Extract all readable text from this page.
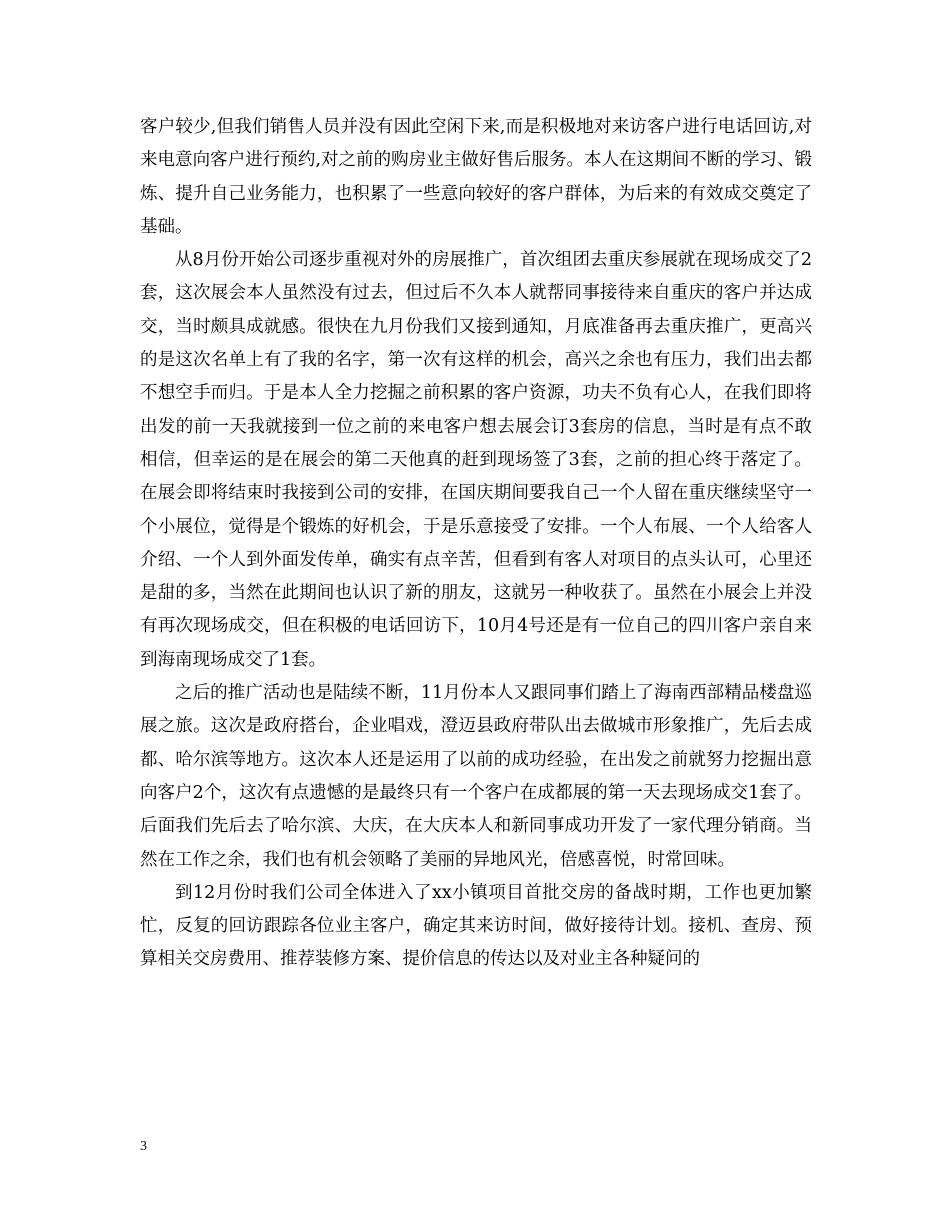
客户较少,但我们销售人员并没有因此空闲下来,而是积极地对来访客户进行电话回访,对来电意向客户进行预约,对之前的购房业主做好售后服务。本人在这期间不断的学习、锻炼、提升自己业务能力，也积累了一些意向较好的客户群体，为后来的有效成交奠定了基础。

从8月份开始公司逐步重视对外的房展推广，首次组团去重庆参展就在现场成交了2套，这次展会本人虽然没有过去，但过后不久本人就帮同事接待来自重庆的客户并达成交，当时颇具成就感。很快在九月份我们又接到通知，月底准备再去重庆推广，更高兴的是这次名单上有了我的名字，第一次有这样的机会，高兴之余也有压力，我们出去都不想空手而归。于是本人全力挖掘之前积累的客户资源，功夫不负有心人，在我们即将出发的前一天我就接到一位之前的来电客户想去展会订3套房的信息，当时是有点不敢相信，但幸运的是在展会的第二天他真的赶到现场签了3套，之前的担心终于落定了。在展会即将结束时我接到公司的安排，在国庆期间要我自己一个人留在重庆继续坚守一个小展位，觉得是个锻炼的好机会，于是乐意接受了安排。一个人布展、一个人给客人介绍、一个人到外面发传单，确实有点辛苦，但看到有客人对项目的点头认可，心里还是甜的多，当然在此期间也认识了新的朋友，这就另一种收获了。虽然在小展会上并没有再次现场成交，但在积极的电话回访下，10月4号还是有一位自己的四川客户亲自来到海南现场成交了1套。

之后的推广活动也是陆续不断，11月份本人又跟同事们踏上了海南西部精品楼盘巡展之旅。这次是政府搭台，企业唱戏，澄迈县政府带队出去做城市形象推广，先后去成都、哈尔滨等地方。这次本人还是运用了以前的成功经验，在出发之前就努力挖掘出意向客户2个，这次有点遗憾的是最终只有一个客户在成都展的第一天去现场成交1套了。后面我们先后去了哈尔滨、大庆，在大庆本人和新同事成功开发了一家代理分销商。当然在工作之余，我们也有机会领略了美丽的异地风光，倍感喜悦，时常回味。

到12月份时我们公司全体进入了xx小镇项目首批交房的备战时期，工作也更加繁忙，反复的回访跟踪各位业主客户，确定其来访时间，做好接待计划。接机、查房、预算相关交房费用、推荐装修方案、提价信息的传达以及对业主各种疑问的

3
